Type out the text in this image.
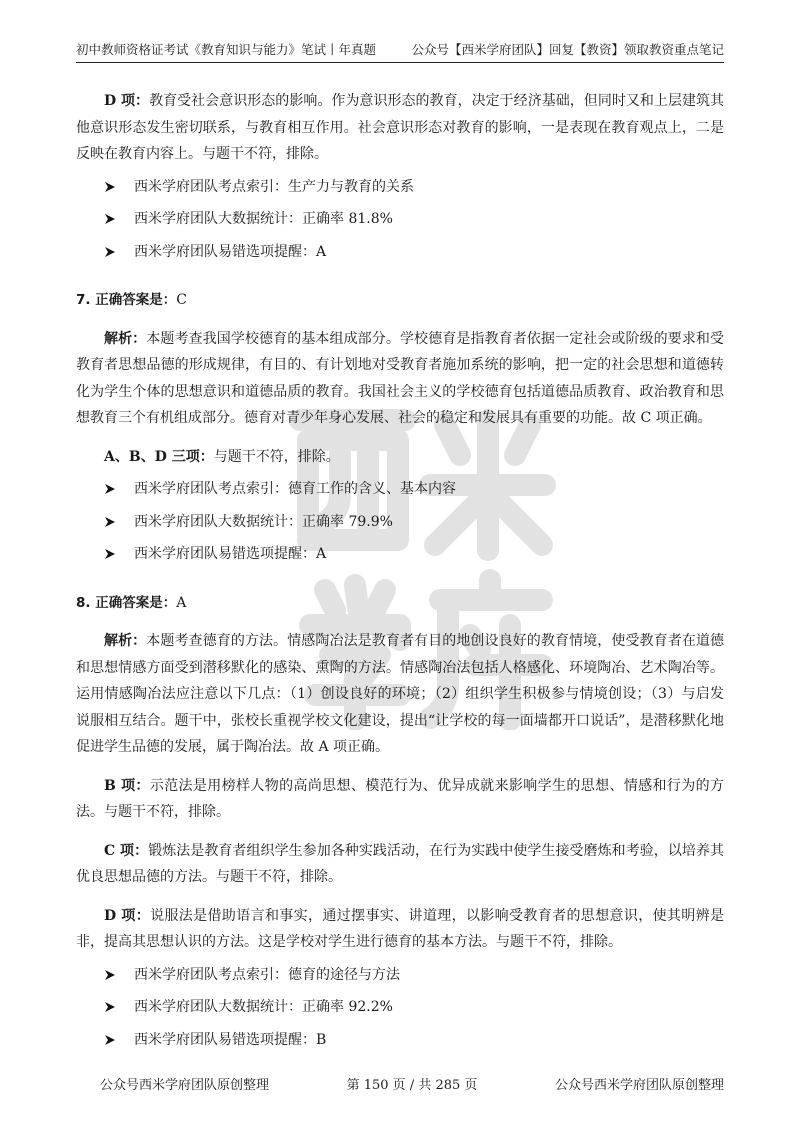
初中教师资格证考试《教育知识与能力》笔试丨年真题	公众号【西米学府团队】回复【教资】领取教资重点笔记

D 项：教育受社会意识形态的影响。作为意识形态的教育，决定于经济基础，但同时又和上层建筑其他意识形态发生密切联系，与教育相互作用。社会意识形态对教育的影响，一是表现在教育观点上，二是反映在教育内容上。与题干不符，排除。

西米学府团队考点索引：生产力与教育的关系
西米学府团队大数据统计：正确率 81.8%
西米学府团队易错选项提醒：A

7. 正确答案是：C

解析：本题考查我国学校德育的基本组成部分。学校德育是指教育者依据一定社会或阶级的要求和受教育者思想品德的形成规律，有目的、有计划地对受教育者施加系统的影响，把一定的社会思想和道德转化为学生个体的思想意识和道德品质的教育。我国社会主义的学校德育包括道德品质教育、政治教育和思想教育三个有机组成部分。德育对青少年身心发展、社会的稳定和发展具有重要的功能。故 C 项正确。

A、B、D 三项：与题干不符，排除。

西米学府团队考点索引：德育工作的含义、基本内容
西米学府团队大数据统计：正确率 79.9%
西米学府团队易错选项提醒：A

8. 正确答案是：A

解析：本题考查德育的方法。情感陶冶法是教育者有目的地创设良好的教育情境，使受教育者在道德和思想情感方面受到潜移默化的感染、熏陶的方法。情感陶冶法包括人格感化、环境陶冶、艺术陶冶等。运用情感陶冶法应注意以下几点：（1）创设良好的环境；（2）组织学生积极参与情境创设；（3）与启发说服相互结合。题干中，张校长重视学校文化建设，提出“让学校的每一面墙都开口说话”，是潜移默化地促进学生品德的发展，属于陶冶法。故 A 项正确。

B 项：示范法是用榜样人物的高尚思想、模范行为、优异成就来影响学生的思想、情感和行为的方法。与题干不符，排除。

C 项：锻炼法是教育者组织学生参加各种实践活动，在行为实践中使学生接受磨炼和考验，以培养其优良思想品德的方法。与题干不符，排除。

D 项：说服法是借助语言和事实，通过摆事实、讲道理，以影响受教育者的思想意识，使其明辨是非，提高其思想认识的方法。这是学校对学生进行德育的基本方法。与题干不符，排除。

西米学府团队考点索引：德育的途径与方法
西米学府团队大数据统计：正确率 92.2%
西米学府团队易错选项提醒：B
公众号西米学府团队原创整理	第 150 页 / 共 285 页	公众号西米学府团队原创整理
